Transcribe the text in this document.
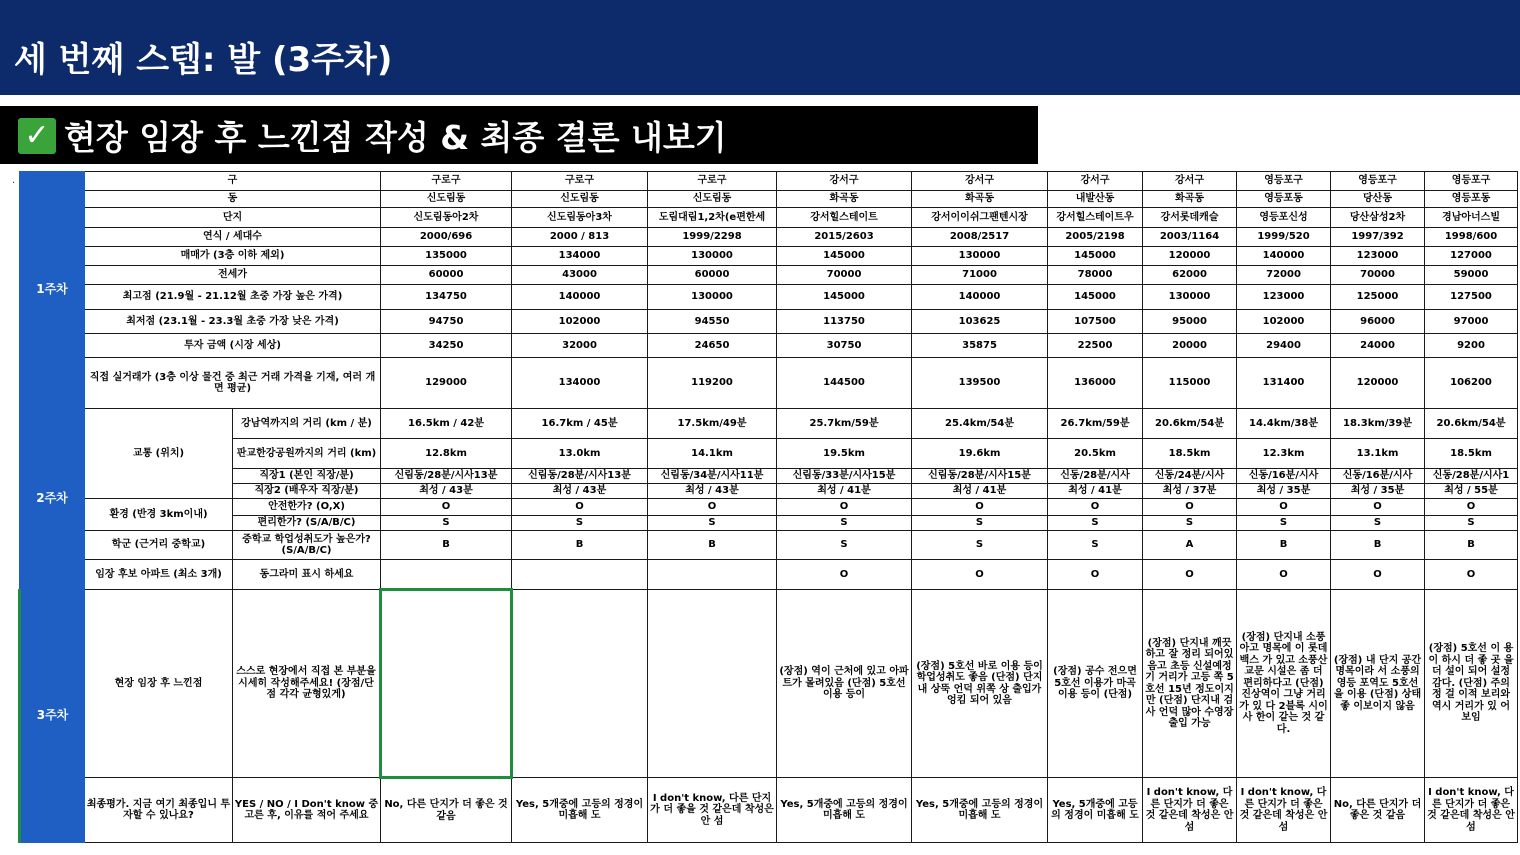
세 번째 스텝: 발 (3주차)
✓ 현장 임장 후 느낀점 작성 & 최종 결론 내보기
·
1주차	구		구로구	구로구	구로구	강서구	강서구	강서구	강서구	영등포구	영등포구	영등포구
	동		신도림동	신도림동	신도림동	화곡동	화곡동	내발산동	화곡동	영등포동	당산동	영등포동
	단지		신도림동아2차	신도림동아3차	도림대림1,2차(e편한세	강서힐스테이트	강서이이쉬그팬텐시장	강서힐스테이트우	강서롯데캐슬	영등포신성	당산삼성2차	경남아너스빌
	연식 / 세대수		2000/696	2000 / 813	1999/2298	2015/2603	2008/2517	2005/2198	2003/1164	1999/520	1997/392	1998/600
	매매가 (3층 이하 제외)		135000	134000	130000	145000	130000	145000	120000	140000	123000	127000
	전세가		60000	43000	60000	70000	71000	78000	62000	72000	70000	59000
	최고점 (21.9월 - 21.12월 초중 가장 높은 가격)		134750	140000	130000	145000	140000	145000	130000	123000	125000	127500
	최저점 (23.1월 - 23.3월 초중 가장 낮은 가격)		94750	102000	94550	113750	103625	107500	95000	102000	96000	97000
	투자 금액 (시장 세상)		34250	32000	24650	30750	35875	22500	20000	29400	24000	9200
	직접 실거래가 (3층 이상 물건 중 최근 거래 가격을 기재, 여러 개면 평균)		129000	134000	119200	144500	139500	136000	115000	131400	120000	106200
2주차	교통 (위치)	강남역까지의 거리 (km / 분)	16.5km / 42분	16.7km / 45분	17.5km/49분	25.7km/59분	25.4km/54분	26.7km/59분	20.6km/54분	14.4km/38분	18.3km/39분	20.6km/54분
		판교한강공원까지의 거리 (km)	12.8km	13.0km	14.1km	19.5km	19.6km	20.5km	18.5km	12.3km	13.1km	18.5km
		직장1 (본인 직장/분)	신림동/28분/시사13분	신림동/28분/시사13분	신림동/34분/시사11분	신림동/33분/시사15분	신림동/28분/시사15분	신동/28분/시사	신동/24분/시사	신동/16분/시사	신동/16분/시사	신동/28분/시사1
		직장2 (배우자 직장/분)	최성 / 43분	최성 / 43분	최성 / 43분	최성 / 41분	최성 / 41분	최성 / 41분	최성 / 37분	최성 / 35분	최성 / 35분	최성 / 55분
	환경 (반경 3km이내)	안전한가? (O,X)	O	O	O	O	O	O	O	O	O	O
		편리한가? (S/A/B/C)	S	S	S	S	S	S	S	S	S	S
	학군 (근거리 중학교)	중학교 학업성취도가 높은가? (S/A/B/C)	B	B	B	S	S	S	A	B	B	B
	임장 후보 아파트 (최소 3개)	동그라미 표시 하세요				O	O	O	O	O	O	O
3주차	현장 임장 후 느낀점	스스로 현장에서 직접 본 부분을 시세히 작성해주세요! (장점/단점 각각 균형있게)				(장점) 역이 근처에 있고 아파트가 몰려있음 (단점) 5호선 이용 등이	(장점) 5호선 바로 이용 등이 학업성취도 좋음 (단점) 단지내 상뚝 언덕 위쪽 상 출입가 엉킴 되어 있음	(장점) 공수 전으면 5호선 이용가 마곡 이용 등이 (단점)	(장점) 단지내 깨끗 하고 잘 정리 되어있음고 초등 신설예정 기 거리가 고등 쪽 5호선 15년 정도이지만 (단점) 단지내 검사 언덕 많아 수영장 출입 가능	(장점) 단지내 소풍아고 명목에 이 롯데백스 가 있고 소풍산 교문 시설은 좀 더 편리하다고 (단점) 진상역이 그냥 거리가 있 다 2블록 시이사 한이 같는 것 같 다.	(장점) 내 단지 공간 명목이라 서 소풍의 영등 포역도 5호선을 이용 (단점) 상태 좋 이보이지 않음	(장점) 5호선 이 용 이 하시 더 좋 곳 을 더 설이 되어 설정 감다. (단점) 주의 정 걸 이적 보리와 역시 거리가 있 어 보임
	최종평가. 지금 여기 최종입니 투자할 수 있나요?	YES / NO / I Don't know 중 고른 후, 이유를 적어 주세요	No, 다른 단지가 더 좋은 것 같음	Yes, 5개중에 고등의 정경이 미흡해 도	I don't know, 다른 단지가 더 좋을 것 같은데 착성은 안 섬	Yes, 5개중에 고등의 정경이 미흡해 도	Yes, 5개중에 고등의 정경이 미흡해 도	Yes, 5개중에 고등의 정경이 미흡해 도	I don't know, 다른 단지가 더 좋은 것 같은데 착성은 안 섬	I don't know, 다른 단지가 더 좋은 것 같은데 착성은 안 섬	No, 다른 단지가 더 좋은 것 같음	I don't know, 다른 단지가 더 좋은 것 같은데 착성은 안 섬
